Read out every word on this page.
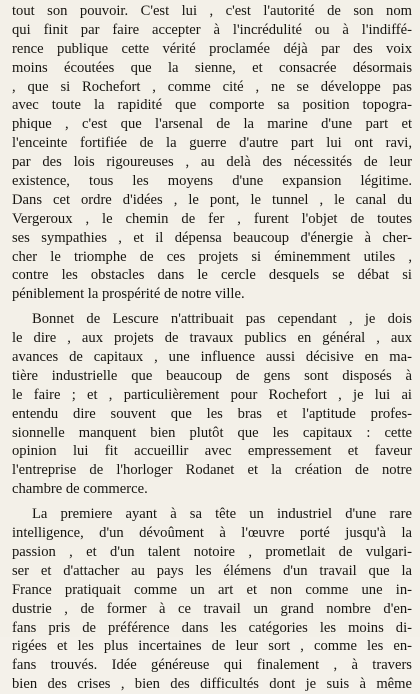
tout son pouvoir. C'est lui , c'est l'autorité de son nom
qui finit par faire accepter à l'incrédulité ou à l'indiffé-
rence publique cette vérité proclamée déjà par des voix
moins écoutées que la sienne, et consacrée désormais
, que si Rochefort , comme cité , ne se développe pas
avec toute la rapidité que comporte sa position topogra-
phique , c'est que l'arsenal de la marine d'une part et
l'enceinte fortifiée de la guerre d'autre part lui ont ravi,
par des lois rigoureuses , au delà des nécessités de leur
existence, tous les moyens d'une expansion légitime.
Dans cet ordre d'idées , le pont, le tunnel , le canal du
Vergeroux , le chemin de fer , furent l'objet de toutes
ses sympathies , et il dépensa beaucoup d'énergie à cher-
cher le triomphe de ces projets si éminemment utiles ,
contre les obstacles dans le cercle desquels se débat si
péniblement la prospérité de notre ville.
Bonnet de Lescure n'attribuait pas cependant , je dois
le dire , aux projets de travaux publics en général , aux
avances de capitaux , une influence aussi décisive en ma-
tière industrielle que beaucoup de gens sont disposés à
le faire ; et , particulièrement pour Rochefort , je lui ai
entendu dire souvent que les bras et l'aptitude profes-
sionnelle manquent bien plutôt que les capitaux : cette
opinion lui fit accueillir avec empressement et faveur
l'entreprise de l'horloger Rodanet et la création de notre
chambre de commerce.
La premiere ayant à sa tête un industriel d'une rare
intelligence, d'un dévoûment à l'œuvre porté jusqu'à la
passion , et d'un talent notoire , prometlait de vulgari-
ser et d'attacher au pays les élémens d'un travail que la
France pratiquait comme un art et non comme une in-
dustrie , de former à ce travail un grand nombre d'en-
fans pris de préférence dans les catégories les moins di-
rigées et les plus incertaines de leur sort , comme les en-
fans trouvés. Idée généreuse qui finalement , à travers
bien des crises , bien des difficultés dont je suis à même
